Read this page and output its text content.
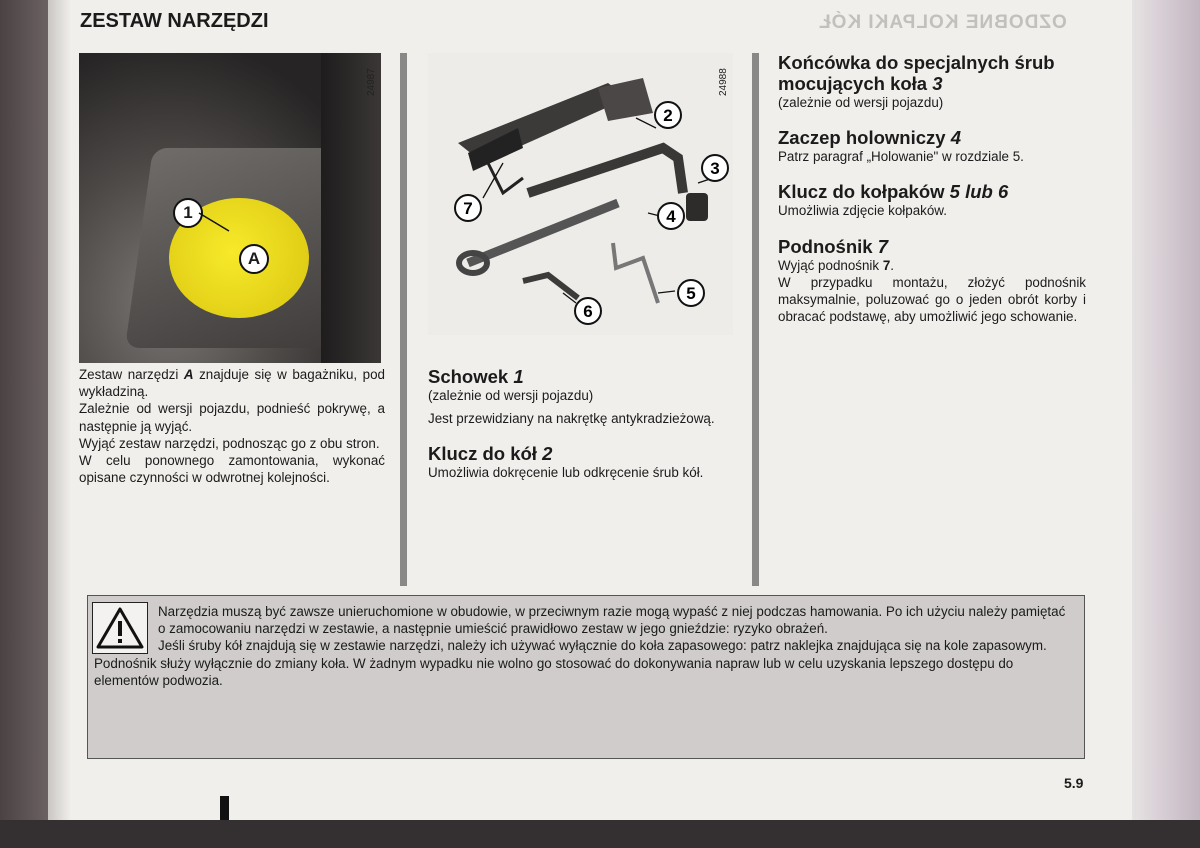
OZDOBNE KOLPAKI KÓŁ
ZESTAW NARZĘDZI
1
A
24987
2
3
4
5
6
7
24988

Zestaw narzędzi A znajduje się w bagażniku, pod wykładziną.

Zależnie od wersji pojazdu, podnieść pokrywę, a następnie ją wyjąć.

Wyjąć zestaw narzędzi, podnosząc go z obu stron.

W celu ponownego zamontowania, wykonać opisane czynności w odwrotnej kolejności.

Schowek 1

(zależnie od wersji pojazdu)

Jest przewidziany na nakrętkę antykradzieżową.

Klucz do kół 2

Umożliwia dokręcenie lub odkręcenie śrub kół.

Końcówka do specjalnych śrub mocujących koła 3

(zależnie od wersji pojazdu)

Zaczep holowniczy 4

Patrz paragraf „Holowanie" w rozdziale 5.

Klucz do kołpaków 5 lub 6

Umożliwia zdjęcie kołpaków.

Podnośnik 7

Wyjąć podnośnik 7.

W przypadku montażu, złożyć podnośnik maksymalnie, poluzować go o jeden obrót korby i obracać podstawę, aby umożliwić jego schowanie.

Narzędzia muszą być zawsze unieruchomione w obudowie, w przeciwnym razie mogą wypaść z niej podczas hamowania. Po ich użyciu należy pamiętać o zamocowaniu narzędzi w zestawie, a następnie umieścić prawidłowo zestaw w jego gnieździe: ryzyko obrażeń.

Jeśli śruby kół znajdują się w zestawie narzędzi, należy ich używać wyłącznie do koła zapasowego: patrz naklejka znajdująca się na kole zapasowym.

Podnośnik służy wyłącznie do zmiany koła. W żadnym wypadku nie wolno go stosować do dokonywania napraw lub w celu uzyskania lepszego dostępu do elementów podwozia.

5.9
